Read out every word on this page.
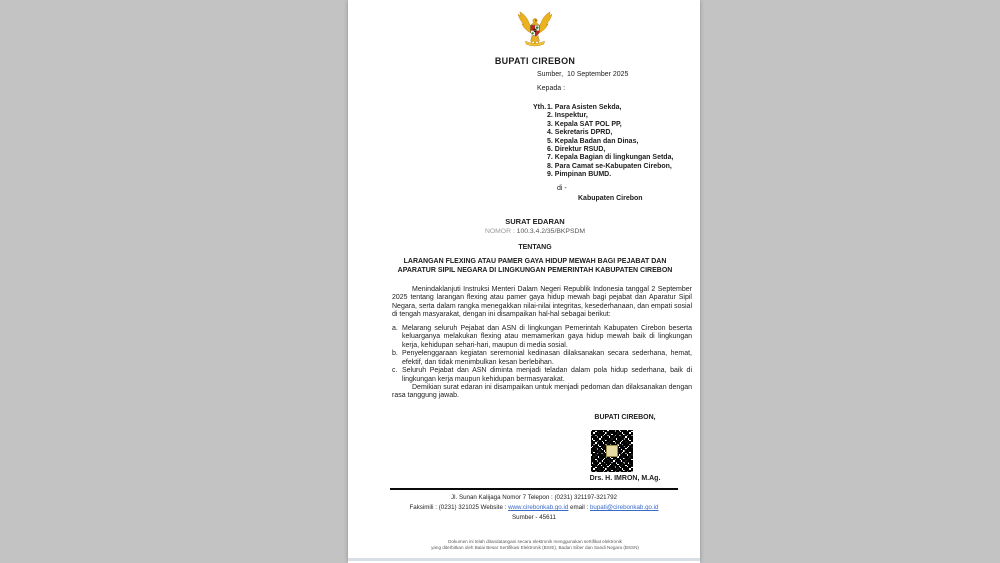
BUPATI CIREBON
Sumber,  10 September 2025
Kepada :
Yth.1. Para Asisten Sekda,
2. Inspektur,
3. Kepala SAT POL PP,
4. Sekretaris DPRD,
5. Kepala Badan dan Dinas,
6. Direktur RSUD,
7. Kepala Bagian di lingkungan Setda,
8. Para Camat se-Kabupaten Cirebon,
9. Pimpinan BUMD.
di -
Kabupaten Cirebon
SURAT EDARAN
NOMOR : 100.3.4.2/35/BKPSDM
TENTANG
LARANGAN FLEXING ATAU PAMER GAYA HIDUP MEWAH BAGI PEJABAT DAN APARATUR SIPIL NEGARA DI LINGKUNGAN PEMERINTAH KABUPATEN CIREBON

Menindaklanjuti Instruksi Menteri Dalam Negeri Republik Indonesia tanggal 2 September 2025 tentang larangan flexing atau pamer gaya hidup mewah bagi pejabat dan Aparatur Sipil Negara, serta dalam rangka menegakkan nilai-nilai integritas, kesederhanaan, dan empati sosial di tengah masyarakat, dengan ini disampaikan hal-hal sebagai berikut:

a. Melarang seluruh Pejabat dan ASN di lingkungan Pemerintah Kabupaten Cirebon beserta keluarganya melakukan flexing atau memamerkan gaya hidup mewah baik di lingkungan kerja, kehidupan sehari-hari, maupun di media sosial.
b. Penyelenggaraan kegiatan seremonial kedinasan dilaksanakan secara sederhana, hemat, efektif, dan tidak menimbulkan kesan berlebihan.
c. Seluruh Pejabat dan ASN diminta menjadi teladan dalam pola hidup sederhana, baik di lingkungan kerja maupun kehidupan bermasyarakat.

Demikian surat edaran ini disampaikan untuk menjadi pedoman dan dilaksanakan dengan rasa tanggung jawab.

BUPATI CIREBON,
Drs. H. IMRON, M.Ag.
Jl. Sunan Kalijaga Nomor 7 Telepon : (0231) 321197-321792
Faksimili : (0231) 321025 Website : www.cirebonkab.go.id email : bupati@cirebonkab.go.id
Sumber - 45611
Dokumen ini telah ditandatangani secara elektronik menggunakan sertifikat elektronik
yang diterbitkan oleh Balai Besar Sertifikasi Elektronik (BSrE), Badan Siber dan Sandi Negara (BSSN)
